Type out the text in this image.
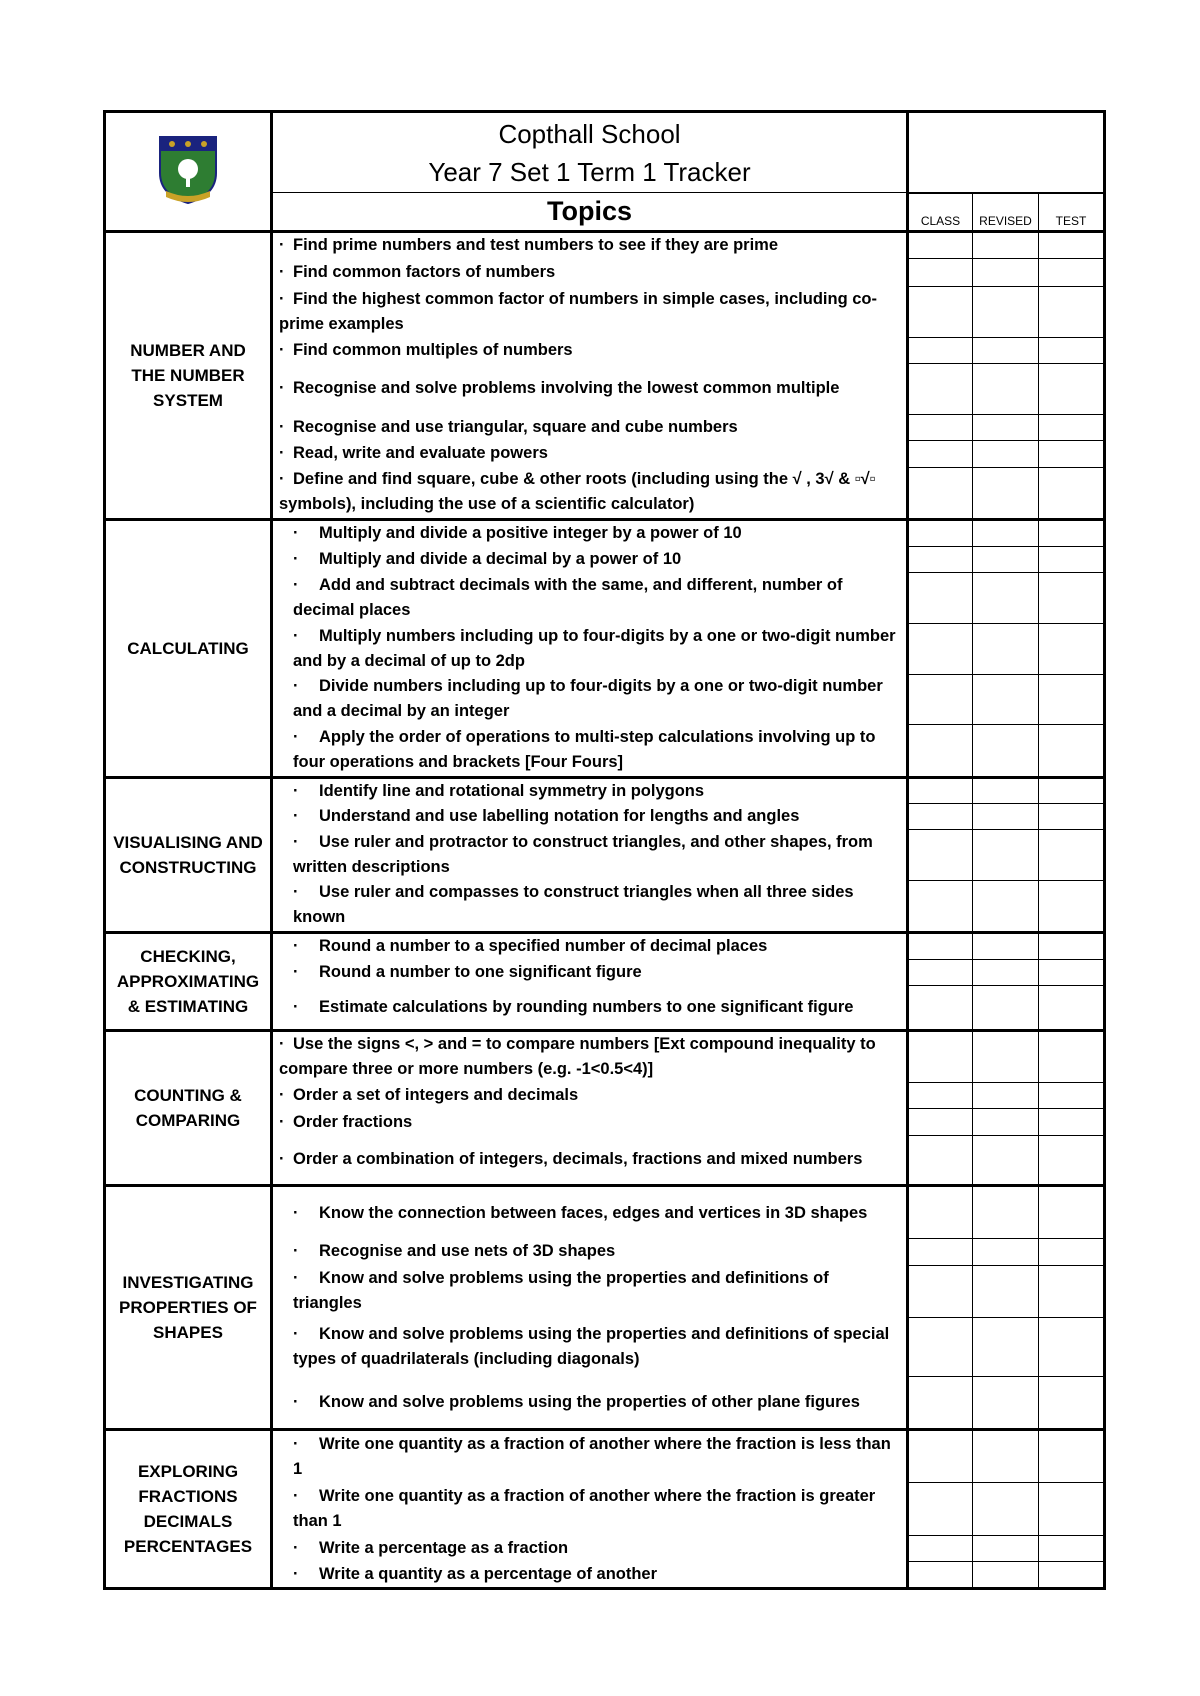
Copthall School
Year 7 Set 1 Term 1 Tracker			

	Topics	CLASS	REVISED	TEST
NUMBER AND THE NUMBER SYSTEM	· Find prime numbers and test numbers to see if they are prime			
	· Find common factors of numbers			
	· Find the highest common factor of numbers in simple cases, including co-prime examples			
	· Find common multiples of numbers			
	· Recognise and solve problems involving the lowest common multiple			
	· Recognise and use triangular, square and cube numbers			
	· Read, write and evaluate powers			
	· Define and find square, cube & other roots (including using the √ , 3√ & ▫√▫ symbols), including the use of a scientific calculator)			
CALCULATING	· Multiply and divide a positive integer by a power of 10			
	· Multiply and divide a decimal by a power of 10			
	· Add and subtract decimals with the same, and different, number of decimal places			
	· Multiply numbers including up to four-digits by a one or two-digit number and by a decimal of up to 2dp			
	· Divide numbers including up to four-digits by a one or two-digit number and a decimal by an integer			
	· Apply the order of operations to multi-step calculations involving up to four operations and brackets [Four Fours]			
VISUALISING AND CONSTRUCTING	· Identify line and rotational symmetry in polygons			
	· Understand and use labelling notation for lengths and angles			
	· Use ruler and protractor to construct triangles, and other shapes, from written descriptions			
	· Use ruler and compasses to construct triangles when all three sides known			
CHECKING, APPROXIMATING & ESTIMATING	· Round a number to a specified number of decimal places			
	· Round a number to one significant figure			
	· Estimate calculations by rounding numbers to one significant figure			
COUNTING & COMPARING	· Use the signs <, > and = to compare numbers [Ext compound inequality to compare three or more numbers (e.g. -1<0.5<4)]			
	· Order a set of integers and decimals			
	· Order fractions			
	· Order a combination of integers, decimals, fractions and mixed numbers			
INVESTIGATING PROPERTIES OF SHAPES	· Know the connection between faces, edges and vertices in 3D shapes			
	· Recognise and use nets of 3D shapes			
	· Know and solve problems using the properties and definitions of triangles			
	· Know and solve problems using the properties and definitions of special types of quadrilaterals (including diagonals)			
	· Know and solve problems using the properties of other plane figures			
EXPLORING FRACTIONS DECIMALS PERCENTAGES	· Write one quantity as a fraction of another where the fraction is less than 1			
	· Write one quantity as a fraction of another where the fraction is greater than 1			
	· Write a percentage as a fraction			
	· Write a quantity as a percentage of another			
